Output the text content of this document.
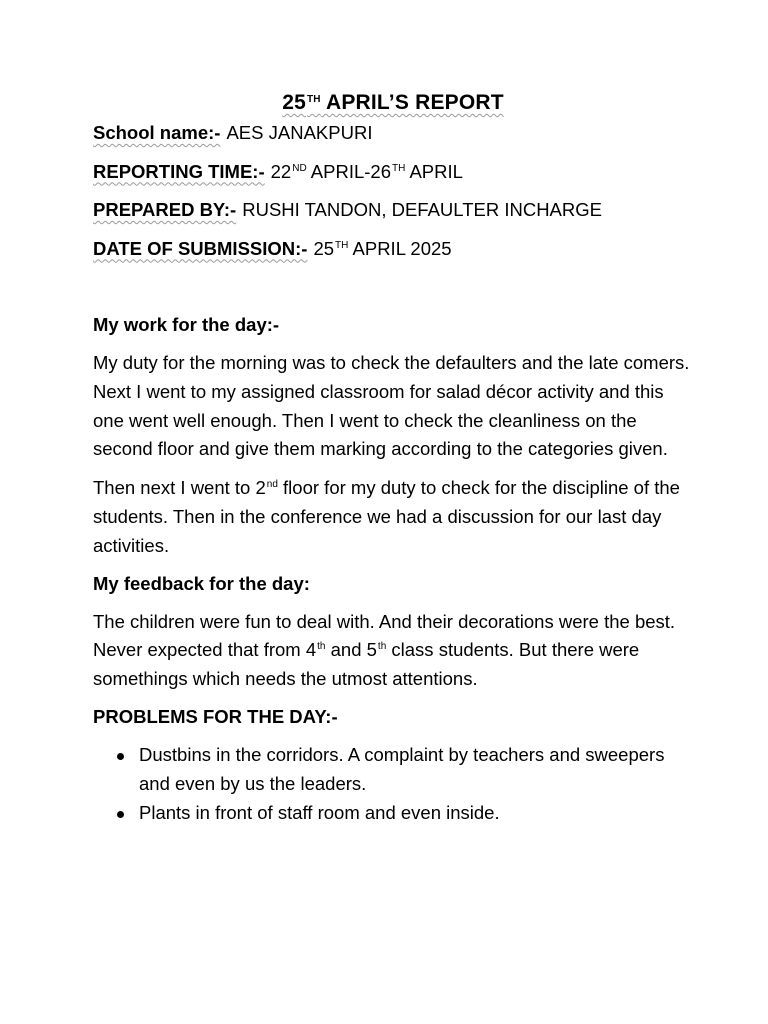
25TH APRIL’S REPORT
School name:- AES JANAKPURI
REPORTING TIME:- 22ND APRIL-26TH APRIL
PREPARED BY:- RUSHI TANDON, DEFAULTER INCHARGE
DATE OF SUBMISSION:- 25TH APRIL 2025
My work for the day:-

My duty for the morning was to check the defaulters and the late comers. Next I went to my assigned classroom for salad décor activity and this one went well enough. Then I went to check the cleanliness on the second floor and give them marking according to the categories given.

Then next I went to 2nd floor for my duty to check for the discipline of the students. Then in the conference we had a discussion for our last day activities.

My feedback for the day:

The children were fun to deal with. And their decorations were the best. Never expected that from 4th and 5th class students. But there were somethings which needs the utmost attentions.

PROBLEMS FOR THE DAY:-
Dustbins in the corridors. A complaint by teachers and sweepers and even by us the leaders.
Plants in front of staff room and even inside.
